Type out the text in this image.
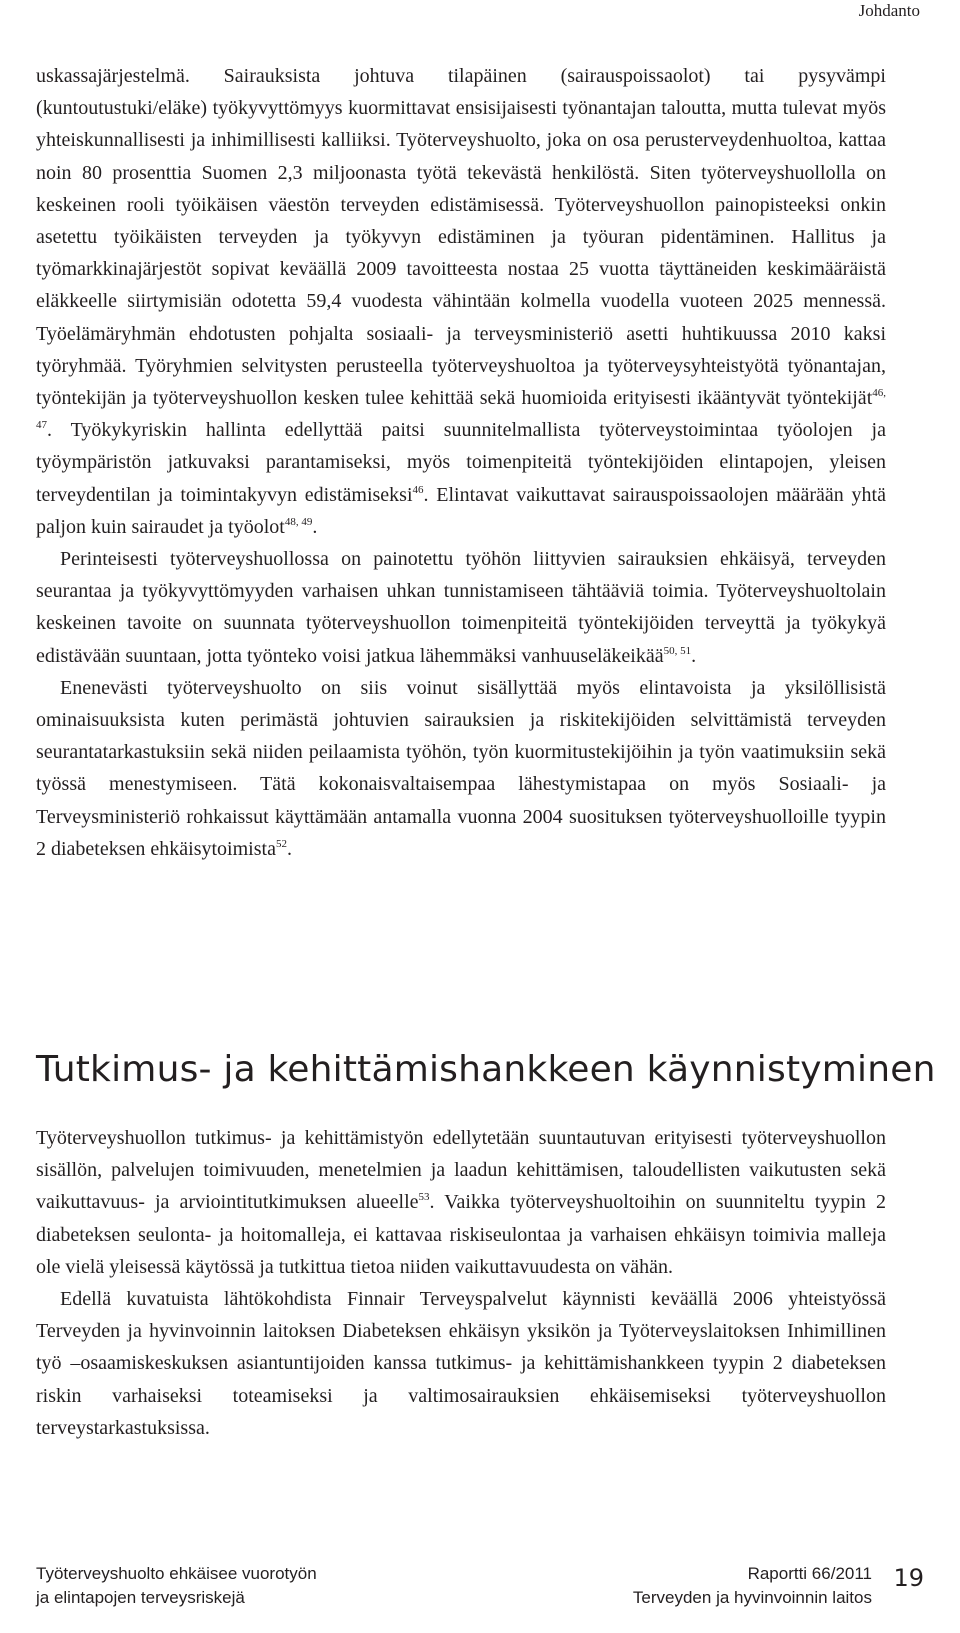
Johdanto

uskassajärjestelmä. Sairauksista johtuva tilapäinen (sairauspoissaolot) tai pysyvämpi (kuntoutustuki/eläke) työkyvyttömyys kuormittavat ensisijaisesti työnantajan taloutta, mutta tulevat myös yhteiskunnallisesti ja inhimillisesti kalliiksi. Työterveyshuolto, joka on osa perusterveydenhuoltoa, kattaa noin 80 prosenttia Suomen 2,3 miljoonasta työtä tekevästä henkilöstä. Siten työterveyshuollolla on keskeinen rooli työikäisen väestön terveyden edistämisessä. Työterveyshuollon painopisteeksi onkin asetettu työikäisten terveyden ja työkyvyn edistäminen ja työuran pidentäminen. Hallitus ja työmarkkinajärjestöt sopivat keväällä 2009 tavoitteesta nostaa 25 vuotta täyttäneiden keskimääräistä eläkkeelle siirtymisiän odotetta 59,4 vuodesta vähintään kolmella vuodella vuoteen 2025 mennessä. Työelämäryhmän ehdotusten pohjalta sosiaali- ja terveysministeriö asetti huhtikuussa 2010 kaksi työryhmää. Työryhmien selvitysten perusteella työterveyshuoltoa ja työterveysyhteistyötä työnantajan, työntekijän ja työterveyshuollon kesken tulee kehittää sekä huomioida erityisesti ikääntyvät työntekijät$^{46, 47}$. Työkykyriskin hallinta edellyttää paitsi suunnitelmallista työterveystoimintaa työolojen ja työympäristön jatkuvaksi parantamiseksi, myös toimenpiteitä työntekijöiden elintapojen, yleisen terveydentilan ja toimintakyvyn edistämiseksi$^{46}$. Elintavat vaikuttavat sairauspoissaolojen määrään yhtä paljon kuin sairaudet ja työolot$^{48, 49}$.

Perinteisesti työterveyshuollossa on painotettu työhön liittyvien sairauksien ehkäisyä, terveyden seurantaa ja työkyvyttömyyden varhaisen uhkan tunnistamiseen tähtääviä toimia. Työterveyshuoltolain keskeinen tavoite on suunnata työterveyshuollon toimenpiteitä työntekijöiden terveyttä ja työkykyä edistävään suuntaan, jotta työnteko voisi jatkua lähemmäksi vanhuuseläkeikää$^{50, 51}$.

Enenevästi työterveyshuolto on siis voinut sisällyttää myös elintavoista ja yksilöllisistä ominaisuuksista kuten perimästä johtuvien sairauksien ja riskitekijöiden selvittämistä terveyden seurantatarkastuksiin sekä niiden peilaamista työhön, työn kuormitustekijöihin ja työn vaatimuksiin sekä työssä menestymiseen. Tätä kokonaisvaltaisempaa lähestymistapaa on myös Sosiaali- ja Terveysministeriö rohkaissut käyttämään antamalla vuonna 2004 suosituksen työterveyshuolloille tyypin 2 diabeteksen ehkäisytoimista$^{52}$.

Tutkimus- ja kehittämishankkeen käynnistyminen

Työterveyshuollon tutkimus- ja kehittämistyön edellytetään suuntautuvan erityisesti työterveyshuollon sisällön, palvelujen toimivuuden, menetelmien ja laadun kehittämisen, taloudellisten vaikutusten sekä vaikuttavuus- ja arviointitutkimuksen alueelle$^{53}$. Vaikka työterveyshuoltoihin on suunniteltu tyypin 2 diabeteksen seulonta- ja hoitomalleja, ei kattavaa riskiseulontaa ja varhaisen ehkäisyn toimivia malleja ole vielä yleisessä käytössä ja tutkittua tietoa niiden vaikuttavuudesta on vähän.

Edellä kuvatuista lähtökohdista Finnair Terveyspalvelut käynnisti keväällä 2006 yhteistyössä Terveyden ja hyvinvoinnin laitoksen Diabeteksen ehkäisyn yksikön ja Työterveyslaitoksen Inhimillinen työ –osaamiskeskuksen asiantuntijoiden kanssa tutkimus- ja kehittämishankkeen tyypin 2 diabeteksen riskin varhaiseksi toteamiseksi ja valtimosairauksien ehkäisemiseksi työterveyshuollon terveystarkastuksissa.

Työterveyshuolto ehkäisee vuorotyön
ja elintapojen terveysriskejä
Raportti 66/2011
Terveyden ja hyvinvoinnin laitos
19
